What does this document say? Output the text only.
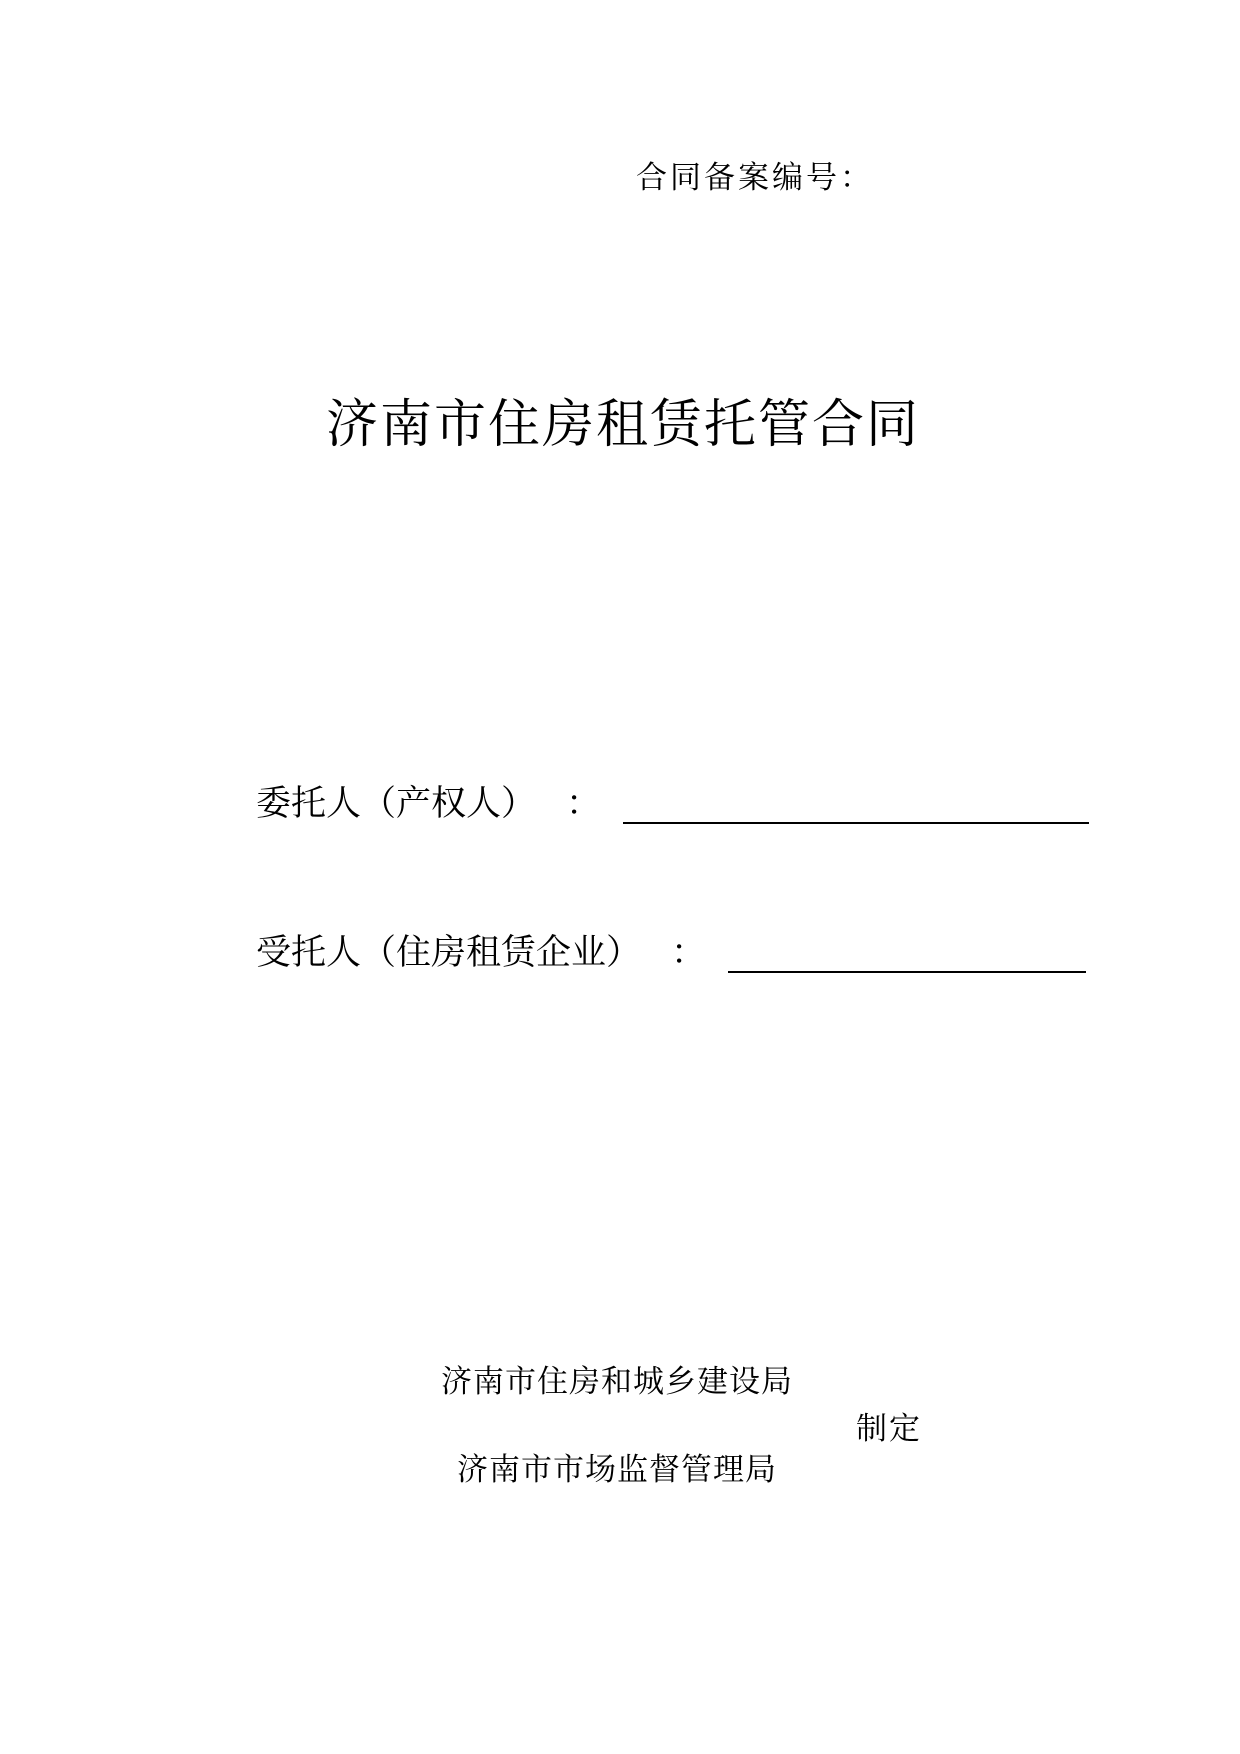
合同备案编号：
济南市住房租赁托管合同
委托人（产权人） ：
受托人（住房租赁企业） ：
济南市住房和城乡建设局
制定
济南市市场监督管理局
